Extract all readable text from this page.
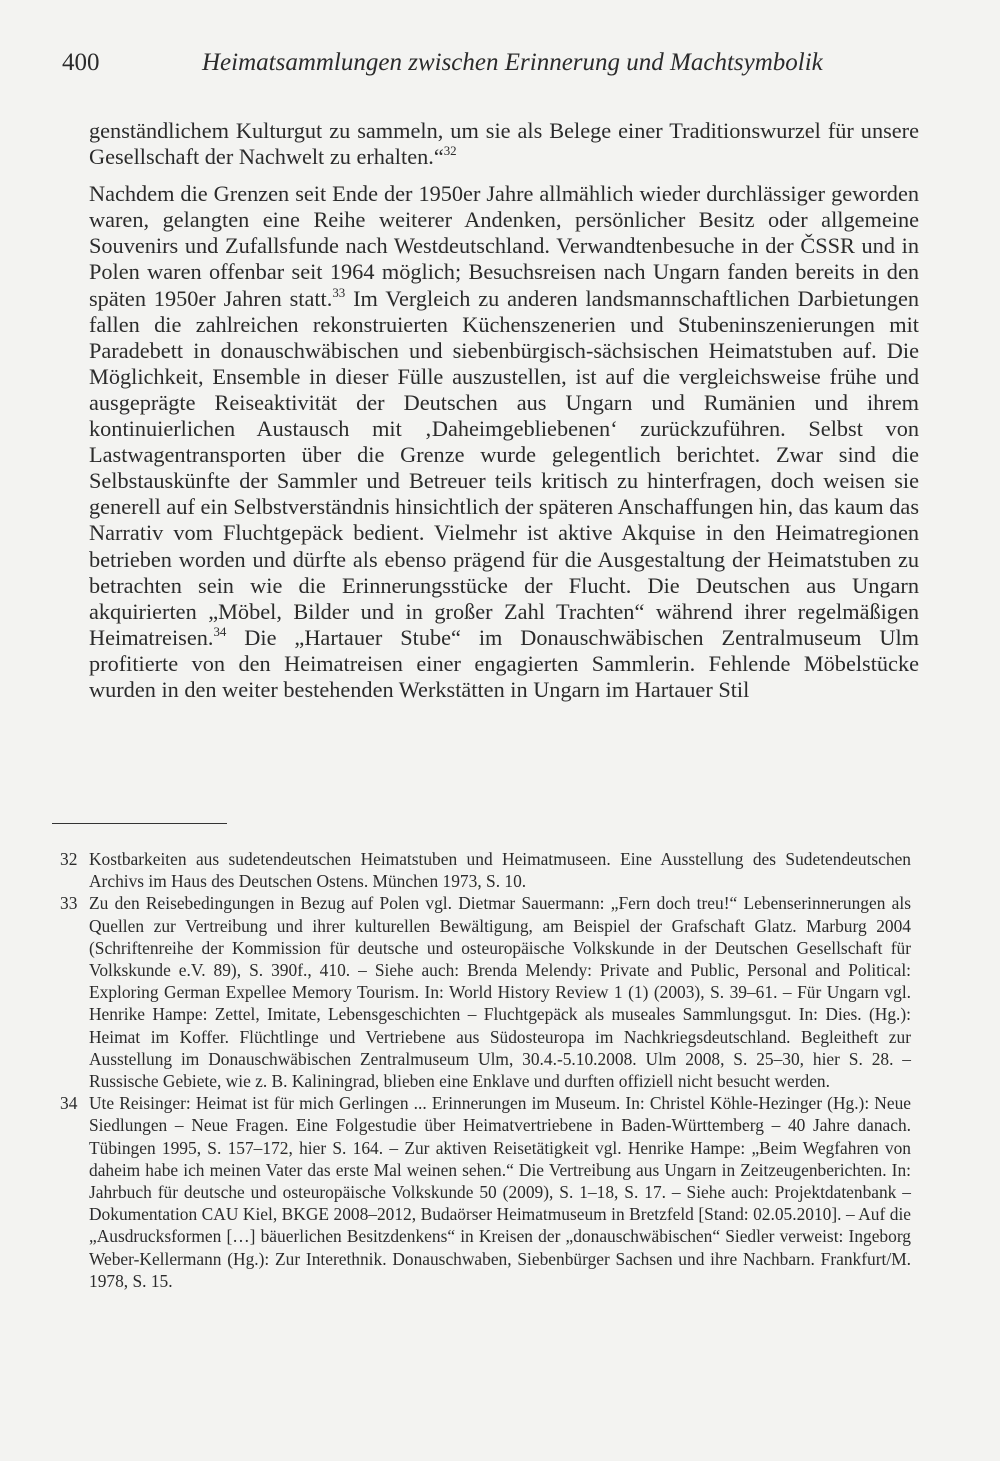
400	Heimatsammlungen zwischen Erinnerung und Machtsymbolik

genständlichem Kulturgut zu sammeln, um sie als Belege einer Traditionswurzel für unsere Gesellschaft der Nachwelt zu erhalten.“$^{32}$

Nachdem die Grenzen seit Ende der 1950er Jahre allmählich wieder durchlässiger geworden waren, gelangten eine Reihe weiterer Andenken, persönlicher Besitz oder allgemeine Souvenirs und Zufallsfunde nach Westdeutschland. Verwandtenbesuche in der ČSSR und in Polen waren offenbar seit 1964 möglich; Besuchsreisen nach Ungarn fanden bereits in den späten 1950er Jahren statt.$^{33}$ Im Vergleich zu anderen landsmannschaftlichen Darbietungen fallen die zahlreichen rekonstruierten Küchenszenerien und Stubeninszenierungen mit Paradebett in donauschwäbischen und siebenbürgisch-sächsischen Heimatstuben auf. Die Möglichkeit, Ensemble in dieser Fülle auszustellen, ist auf die vergleichsweise frühe und ausgeprägte Reiseaktivität der Deutschen aus Ungarn und Rumänien und ihrem kontinuierlichen Austausch mit ‚Daheimgebliebenen‘ zurückzuführen. Selbst von Lastwagentransporten über die Grenze wurde gelegentlich berichtet. Zwar sind die Selbstauskünfte der Sammler und Betreuer teils kritisch zu hinterfragen, doch weisen sie generell auf ein Selbstverständnis hinsichtlich der späteren Anschaffungen hin, das kaum das Narrativ vom Fluchtgepäck bedient. Vielmehr ist aktive Akquise in den Heimatregionen betrieben worden und dürfte als ebenso prägend für die Ausgestaltung der Heimatstuben zu betrachten sein wie die Erinnerungsstücke der Flucht. Die Deutschen aus Ungarn akquirierten „Möbel, Bilder und in großer Zahl Trachten“ während ihrer regelmäßigen Heimatreisen.$^{34}$ Die „Hartauer Stube“ im Donauschwäbischen Zentralmuseum Ulm profitierte von den Heimatreisen einer engagierten Sammlerin. Fehlende Möbelstücke wurden in den weiter bestehenden Werkstätten in Ungarn im Hartauer Stil

32 Kostbarkeiten aus sudetendeutschen Heimatstuben und Heimatmuseen. Eine Ausstellung des Sudetendeutschen Archivs im Haus des Deutschen Ostens. München 1973, S. 10.

33 Zu den Reisebedingungen in Bezug auf Polen vgl. Dietmar Sauermann: „Fern doch treu!“ Lebenserinnerungen als Quellen zur Vertreibung und ihrer kulturellen Bewältigung, am Beispiel der Grafschaft Glatz. Marburg 2004 (Schriftenreihe der Kommission für deutsche und osteuropäische Volkskunde in der Deutschen Gesellschaft für Volkskunde e.V. 89), S. 390f., 410. – Siehe auch: Brenda Melendy: Private and Public, Personal and Political: Exploring German Expellee Memory Tourism. In: World History Review 1 (1) (2003), S. 39–61. – Für Ungarn vgl. Henrike Hampe: Zettel, Imitate, Lebensgeschichten – Fluchtgepäck als museales Sammlungsgut. In: Dies. (Hg.): Heimat im Koffer. Flüchtlinge und Vertriebene aus Südosteuropa im Nachkriegsdeutschland. Begleitheft zur Ausstellung im Donauschwäbischen Zentralmuseum Ulm, 30.4.-5.10.2008. Ulm 2008, S. 25–30, hier S. 28. – Russische Gebiete, wie z. B. Kaliningrad, blieben eine Enklave und durften offiziell nicht besucht werden.

34 Ute Reisinger: Heimat ist für mich Gerlingen ... Erinnerungen im Museum. In: Christel Köhle-Hezinger (Hg.): Neue Siedlungen – Neue Fragen. Eine Folgestudie über Heimatvertriebene in Baden-Württemberg – 40 Jahre danach. Tübingen 1995, S. 157–172, hier S. 164. – Zur aktiven Reisetätigkeit vgl. Henrike Hampe: „Beim Wegfahren von daheim habe ich meinen Vater das erste Mal weinen sehen.“ Die Vertreibung aus Ungarn in Zeitzeugenberichten. In: Jahrbuch für deutsche und osteuropäische Volkskunde 50 (2009), S. 1–18, S. 17. – Siehe auch: Projektdatenbank – Dokumentation CAU Kiel, BKGE 2008–2012, Budaörser Heimatmuseum in Bretzfeld [Stand: 02.05.2010]. – Auf die „Ausdrucksformen […] bäuerlichen Besitzdenkens“ in Kreisen der „donauschwäbischen“ Siedler verweist: Ingeborg Weber-Kellermann (Hg.): Zur Interethnik. Donauschwaben, Siebenbürger Sachsen und ihre Nachbarn. Frankfurt/M. 1978, S. 15.
